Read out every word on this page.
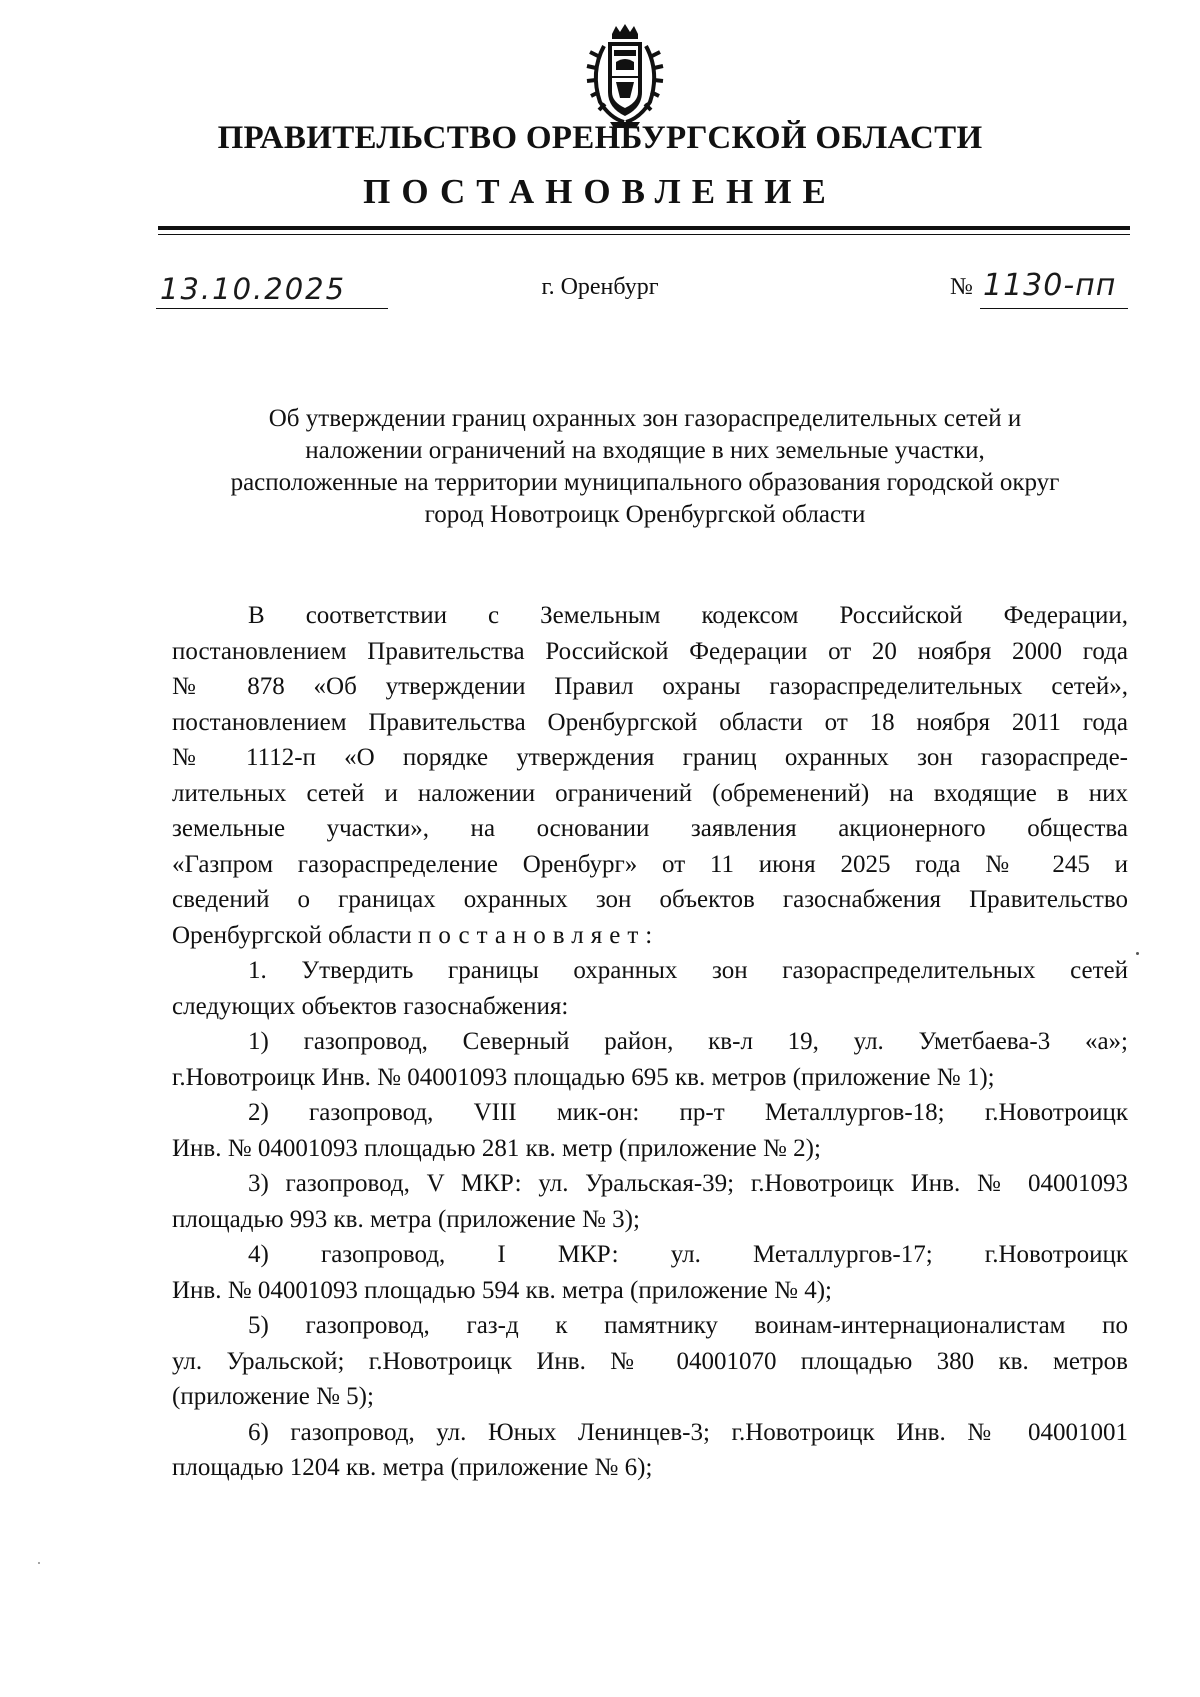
ПРАВИТЕЛЬСТВО ОРЕНБУРГСКОЙ ОБЛАСТИ
ПОСТАНОВЛЕНИЕ
13.10.2025	г. Оренбург	№ 1130-пп
Об утверждении границ охранных зон газораспределительных сетей и
наложении ограничений на входящие в них земельные участки,
расположенные на территории муниципального образования городской округ
город Новотроицк Оренбургской области
В соответствии с Земельным кодексом Российской Федерации,
постановлением Правительства Российской Федерации от 20 ноября 2000 года
№ 878 «Об утверждении Правил охраны газораспределительных сетей»,
постановлением Правительства Оренбургской области от 18 ноября 2011 года
№ 1112-п «О порядке утверждения границ охранных зон газораспреде-
лительных сетей и наложении ограничений (обременений) на входящие в них
земельные участки», на основании заявления акционерного общества
«Газпром газораспределение Оренбург» от 11 июня 2025 года № 245 и
сведений о границах охранных зон объектов газоснабжения Правительство
Оренбургской области постановляет:
1. Утвердить границы охранных зон газораспределительных сетей
следующих объектов газоснабжения:
1) газопровод, Северный район, кв-л 19, ул. Уметбаева-3 «а»;
г.Новотроицк Инв. № 04001093 площадью 695 кв. метров (приложение № 1);
2) газопровод, VIII мик-он: пр-т Металлургов-18; г.Новотроицк
Инв. № 04001093 площадью 281 кв. метр (приложение № 2);
3) газопровод, V МКР: ул. Уральская-39; г.Новотроицк Инв. № 04001093
площадью 993 кв. метра (приложение № 3);
4) газопровод, I МКР: ул. Металлургов-17; г.Новотроицк
Инв. № 04001093 площадью 594 кв. метра (приложение № 4);
5) газопровод, газ-д к памятнику воинам-интернационалистам по
ул. Уральской; г.Новотроицк Инв. № 04001070 площадью 380 кв. метров
(приложение № 5);
6) газопровод, ул. Юных Ленинцев-3; г.Новотроицк Инв. № 04001001
площадью 1204 кв. метра (приложение № 6);
